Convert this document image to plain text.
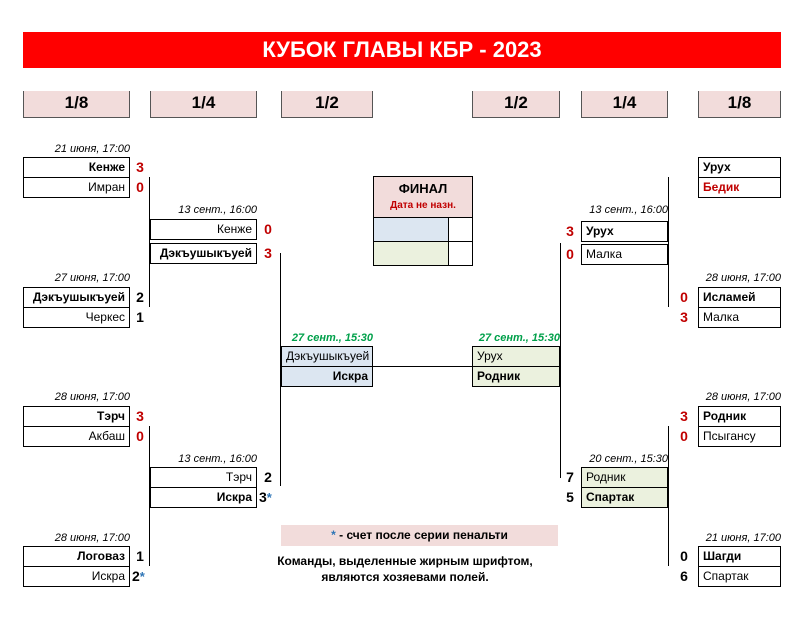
КУБОК ГЛАВЫ КБР - 2023
1/8	1/4	1/2	1/2	1/4	1/8
21 июня, 17:00
Кенже 3
Имран 0
27 июня, 17:00
Дэкъушыкъуей 2
Черкес 1
28 июня, 17:00
Тэрч 3
Акбаш 0
28 июня, 17:00
Логоваз 1
Искра 2*
13 сент., 16:00
Кенже 0
Дэкъушыкъуей 3
13 сент., 16:00
Тэрч 2
Искра 3*
27 сент., 15:30
Дэкъушыкъуей
Искра
ФИНАЛ
Дата не назн.
27 сент., 15:30
Урух
Родник
13 сент., 16:00
3	Урух
0	Малка
20 сент., 15:30
7	Родник
5	Спартак
Урух
Бедик
28 июня, 17:00
0	Исламей
3	Малка
28 июня, 17:00
3	Родник
0	Псыгансу
21 июня, 17:00
0	Шагди
6	Спартак
* - счет после серии пенальти
Команды, выделенные жирным шрифтом,
являются хозяевами полей.
